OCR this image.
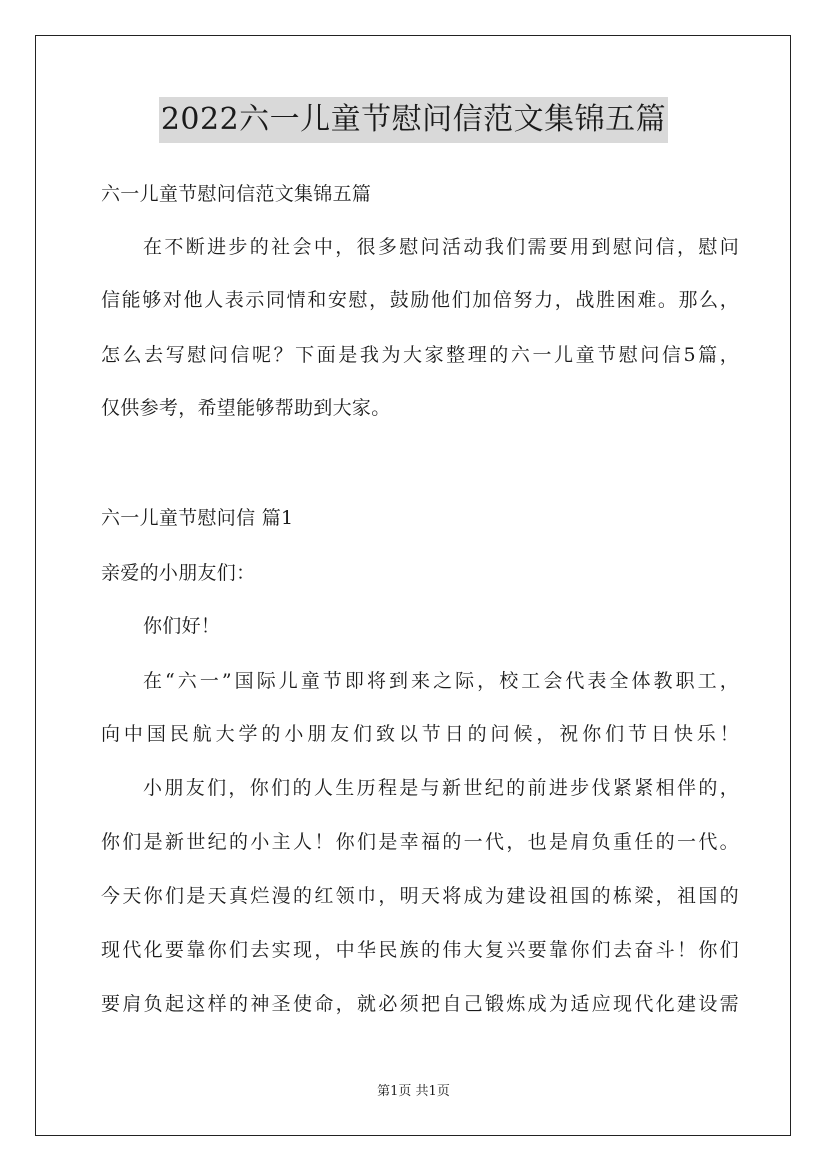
2022六一儿童节慰问信范文集锦五篇
六一儿童节慰问信范文集锦五篇
在不断进步的社会中，很多慰问活动我们需要用到慰问信，慰问
信能够对他人表示同情和安慰，鼓励他们加倍努力，战胜困难。那么，
怎么去写慰问信呢？下面是我为大家整理的六一儿童节慰问信5篇，
仅供参考，希望能够帮助到大家。
六一儿童节慰问信 篇1
亲爱的小朋友们：
你们好！
在“六一”国际儿童节即将到来之际，校工会代表全体教职工，
向中国民航大学的小朋友们致以节日的问候，祝你们节日快乐！
小朋友们，你们的人生历程是与新世纪的前进步伐紧紧相伴的，
你们是新世纪的小主人！你们是幸福的一代，也是肩负重任的一代。
今天你们是天真烂漫的红领巾，明天将成为建设祖国的栋梁，祖国的
现代化要靠你们去实现，中华民族的伟大复兴要靠你们去奋斗！你们
要肩负起这样的神圣使命，就必须把自己锻炼成为适应现代化建设需
第1页 共1页
